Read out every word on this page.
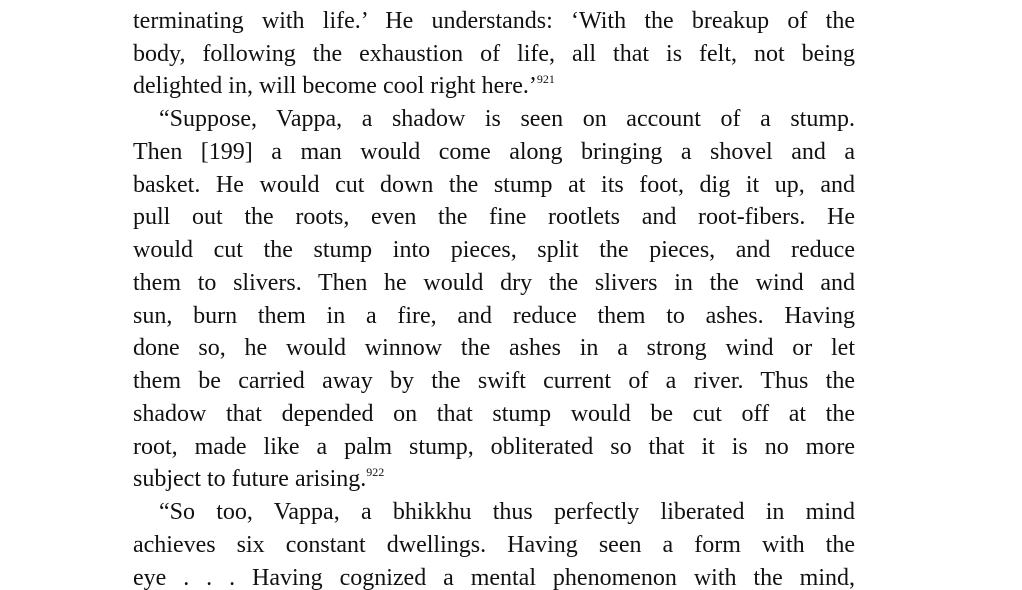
terminating with life.’ He understands: ‘With the breakup of the
body, following the exhaustion of life, all that is felt, not being
delighted in, will become cool right here.’$^{921}$
“Suppose, Vappa, a shadow is seen on account of a stump.
Then [199] a man would come along bringing a shovel and a
basket. He would cut down the stump at its foot, dig it up, and
pull out the roots, even the fine rootlets and root-fibers. He
would cut the stump into pieces, split the pieces, and reduce
them to slivers. Then he would dry the slivers in the wind and
sun, burn them in a fire, and reduce them to ashes. Having
done so, he would winnow the ashes in a strong wind or let
them be carried away by the swift current of a river. Thus the
shadow that depended on that stump would be cut off at the
root, made like a palm stump, obliterated so that it is no more
subject to future arising.$^{922}$
“So too, Vappa, a bhikkhu thus perfectly liberated in mind
achieves six constant dwellings. Having seen a form with the
eye . . . Having cognized a mental phenomenon with the mind,
